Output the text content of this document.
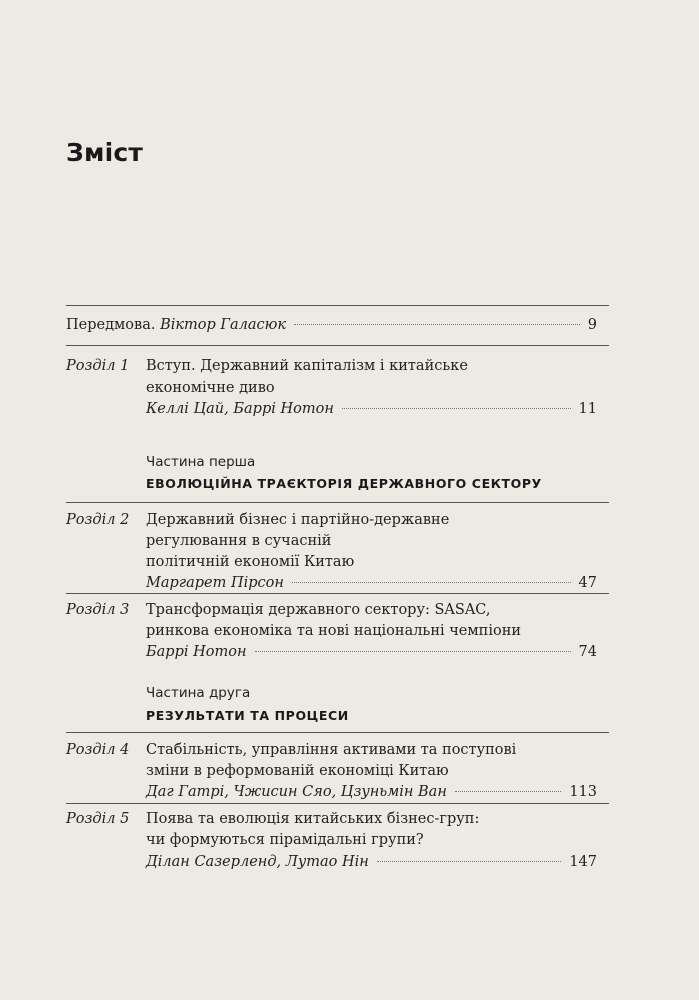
Зміст
Передмова. Віктор Галасюк	9
Розділ 1 Вступ. Державний капіталізм і китайське
економічне диво
Келлі Цай, Баррі Нотон	11
Частина перша
ЕВОЛЮЦІЙНА ТРАЄКТОРІЯ ДЕРЖАВНОГО СЕКТОРУ
Розділ 2 Державний бізнес і партійно-державне
регулювання в сучасній
політичній економії Китаю
Маргарет Пірсон	47
Розділ 3 Трансформація державного сектору: SASAC,
ринкова економіка та нові національні чемпіони
Баррі Нотон	74
Частина друга
РЕЗУЛЬТАТИ ТА ПРОЦЕСИ
Розділ 4 Стабільність, управління активами та поступові
зміни в реформованій економіці Китаю
Даг Гатрі, Чжисин Сяо, Цзуньмін Ван	113
Розділ 5 Поява та еволюція китайських бізнес-груп:
чи формуються пірамідальні групи?
Ділан Сазерленд, Лутао Нін	147
